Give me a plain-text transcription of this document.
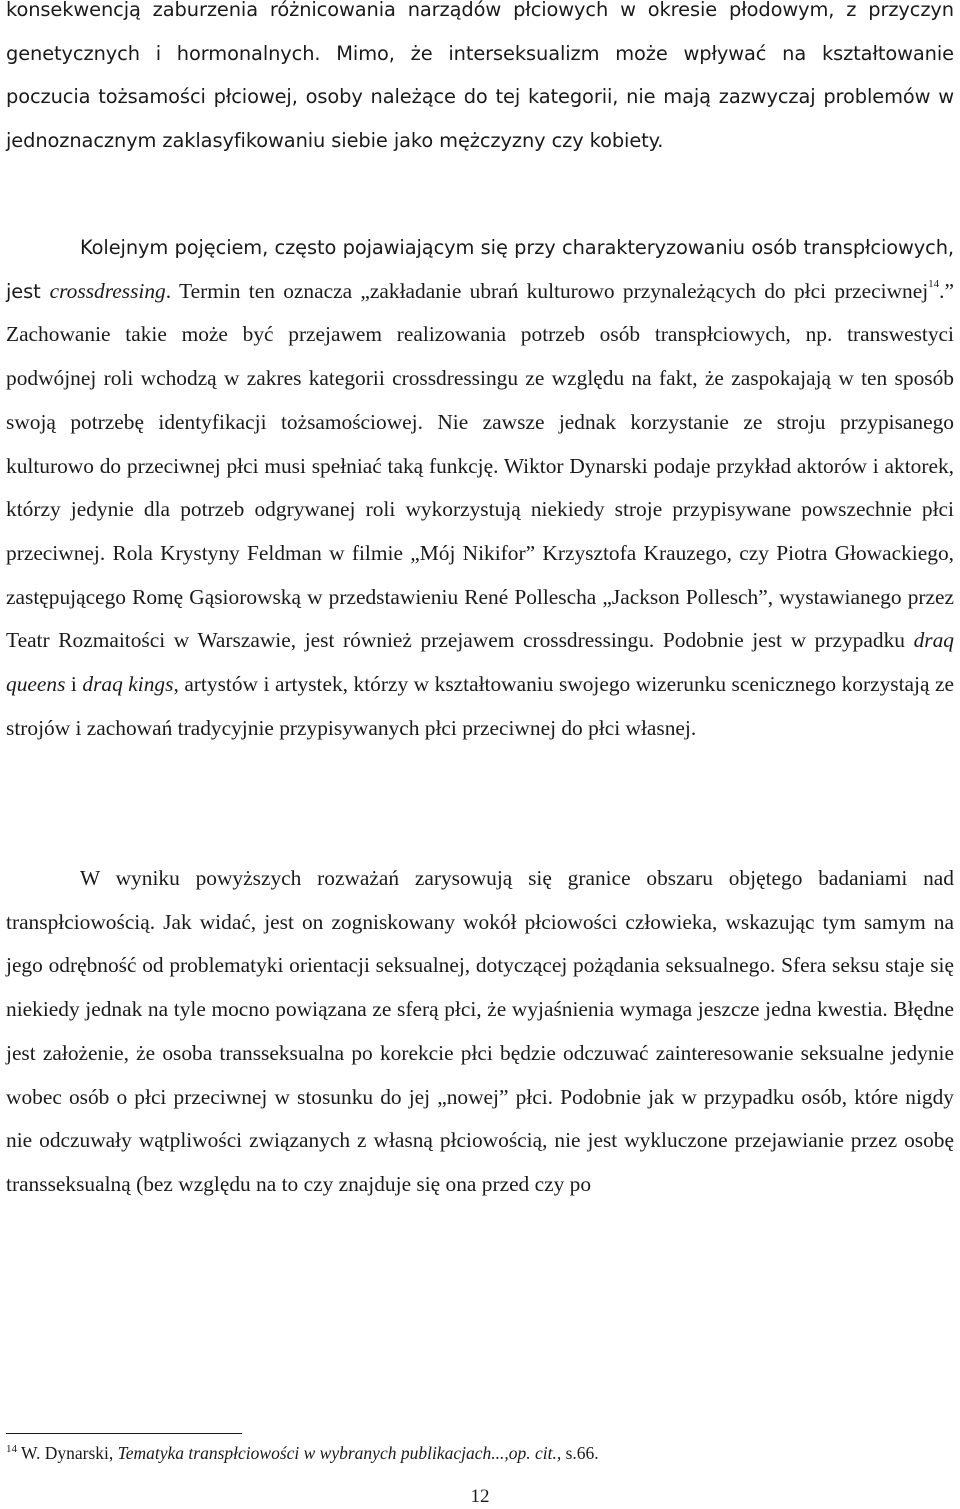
konsekwencją zaburzenia różnicowania narządów płciowych w okresie płodowym, z przyczyn genetycznych i hormonalnych. Mimo, że interseksualizm może wpływać na kształtowanie poczucia tożsamości płciowej, osoby należące do tej kategorii, nie mają zazwyczaj problemów w jednoznacznym zaklasyfikowaniu siebie jako mężczyzny czy kobiety.

Kolejnym pojęciem, często pojawiającym się przy charakteryzowaniu osób transpłciowych, jest crossdressing. Termin ten oznacza „zakładanie ubrań kulturowo przynależących do płci przeciwnej$^{14}$.” Zachowanie takie może być przejawem realizowania potrzeb osób transpłciowych, np. transwestyci podwójnej roli wchodzą w zakres kategorii crossdressingu ze względu na fakt, że zaspokajają w ten sposób swoją potrzebę identyfikacji tożsamościowej. Nie zawsze jednak korzystanie ze stroju przypisanego kulturowo do przeciwnej płci musi spełniać taką funkcję. Wiktor Dynarski podaje przykład aktorów i aktorek, którzy jedynie dla potrzeb odgrywanej roli wykorzystują niekiedy stroje przypisywane powszechnie płci przeciwnej. Rola Krystyny Feldman w filmie „Mój Nikifor” Krzysztofa Krauzego, czy Piotra Głowackiego, zastępującego Romę Gąsiorowską w przedstawieniu René Pollescha „Jackson Pollesch”, wystawianego przez Teatr Rozmaitości w Warszawie, jest również przejawem crossdressingu. Podobnie jest w przypadku draq queens i draq kings, artystów i artystek, którzy w kształtowaniu swojego wizerunku scenicznego korzystają ze strojów i zachowań tradycyjnie przypisywanych płci przeciwnej do płci własnej.

W wyniku powyższych rozważań zarysowują się granice obszaru objętego badaniami nad transpłciowością. Jak widać, jest on zogniskowany wokół płciowości człowieka, wskazując tym samym na jego odrębność od problematyki orientacji seksualnej, dotyczącej pożądania seksualnego. Sfera seksu staje się niekiedy jednak na tyle mocno powiązana ze sferą płci, że wyjaśnienia wymaga jeszcze jedna kwestia. Błędne jest założenie, że osoba transseksualna po korekcie płci będzie odczuwać zainteresowanie seksualne jedynie wobec osób o płci przeciwnej w stosunku do jej „nowej” płci. Podobnie jak w przypadku osób, które nigdy nie odczuwały wątpliwości związanych z własną płciowością, nie jest wykluczone przejawianie przez osobę transseksualną (bez względu na to czy znajduje się ona przed czy po

$^{14}$ W. Dynarski, Tematyka transpłciowości w wybranych publikacjach...,op. cit., s.66.

12
